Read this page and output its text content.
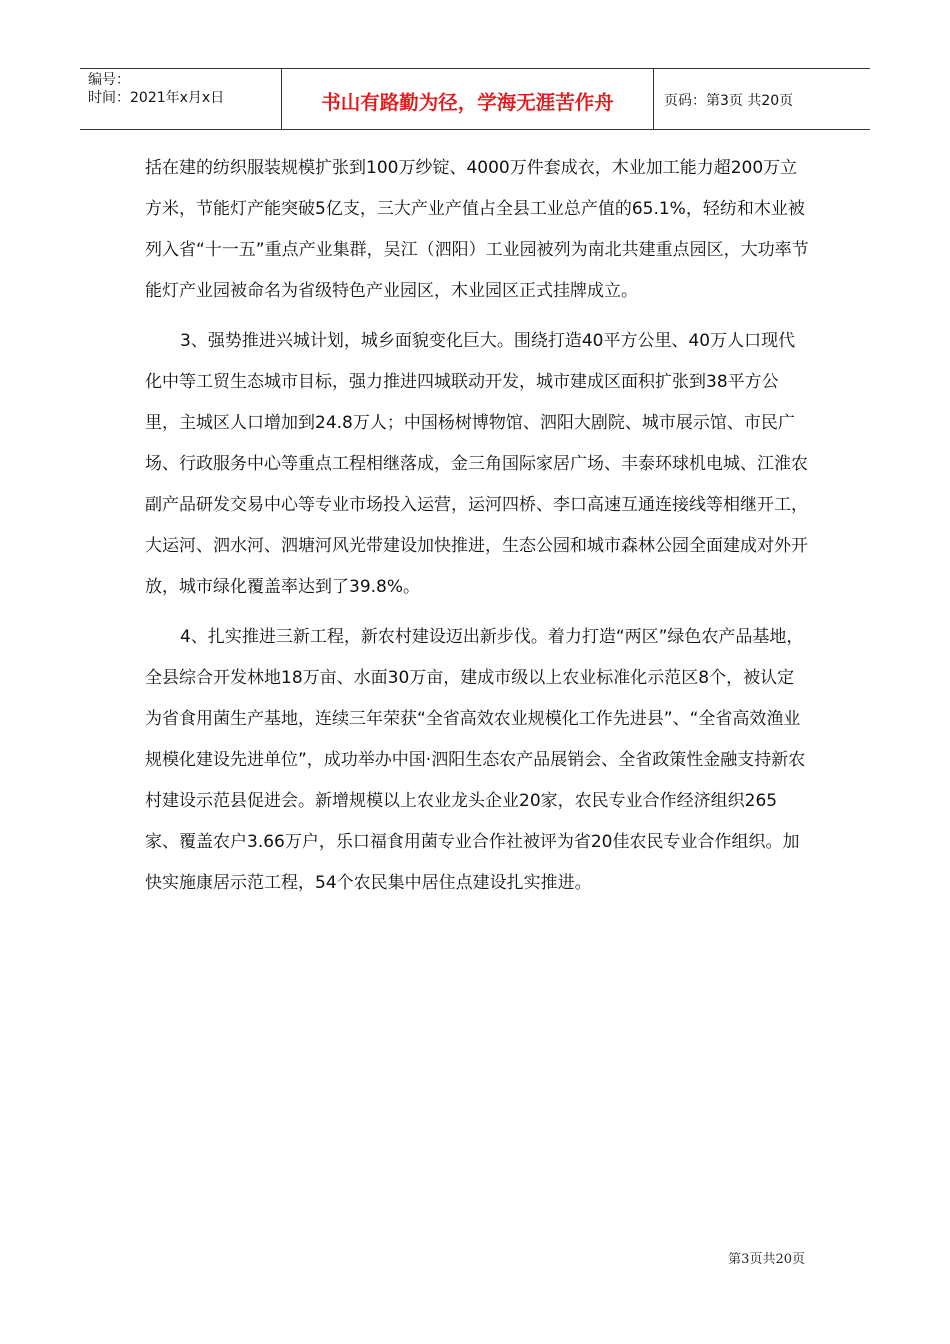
编号：
时间：2021年x月x日	书山有路勤为径，学海无涯苦作舟	页码：第3页 共20页

括在建的纺织服装规模扩张到100万纱锭、4000万件套成衣，木业加工能力超200万立方米，节能灯产能突破5亿支，三大产业产值占全县工业总产值的65.1%，轻纺和木业被列入省“十一五”重点产业集群，吴江（泗阳）工业园被列为南北共建重点园区，大功率节能灯产业园被命名为省级特色产业园区，木业园区正式挂牌成立。

3、强势推进兴城计划，城乡面貌变化巨大。围绕打造40平方公里、40万人口现代化中等工贸生态城市目标，强力推进四城联动开发，城市建成区面积扩张到38平方公里，主城区人口增加到24.8万人；中国杨树博物馆、泗阳大剧院、城市展示馆、市民广场、行政服务中心等重点工程相继落成，金三角国际家居广场、丰泰环球机电城、江淮农副产品研发交易中心等专业市场投入运营，运河四桥、李口高速互通连接线等相继开工，大运河、泗水河、泗塘河风光带建设加快推进，生态公园和城市森林公园全面建成对外开放，城市绿化覆盖率达到了39.8%。

4、扎实推进三新工程，新农村建设迈出新步伐。着力打造“两区”绿色农产品基地，全县综合开发林地18万亩、水面30万亩，建成市级以上农业标准化示范区8个，被认定为省食用菌生产基地，连续三年荣获“全省高效农业规模化工作先进县”、“全省高效渔业规模化建设先进单位”，成功举办中国·泗阳生态农产品展销会、全省政策性金融支持新农村建设示范县促进会。新增规模以上农业龙头企业20家，农民专业合作经济组织265家、覆盖农户3.66万户，乐口福食用菌专业合作社被评为省20佳农民专业合作组织。加快实施康居示范工程，54个农民集中居住点建设扎实推进。

第3页共20页
